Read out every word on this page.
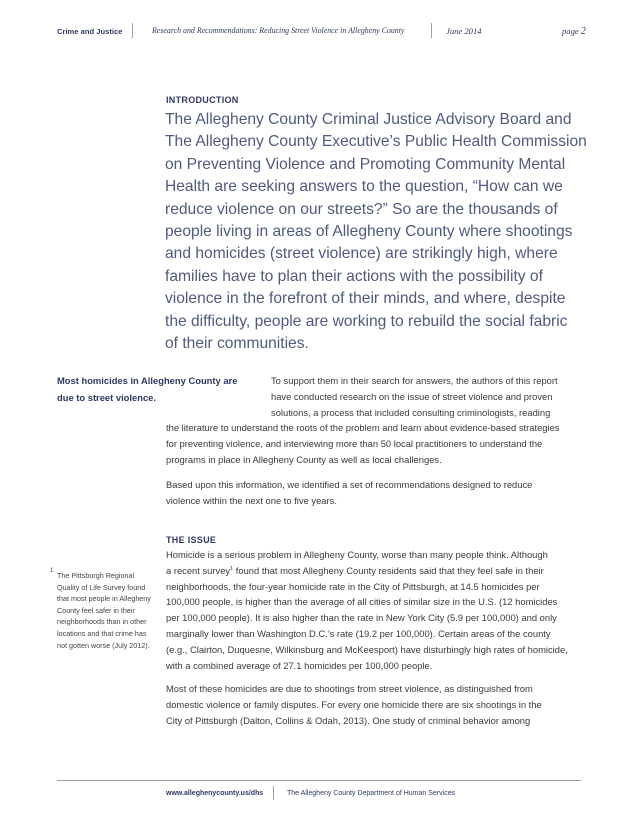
Crime and Justice	Research and Recommendations: Reducing Street Violence in Allegheny County	June 2014	page 2
INTRODUCTION
The Allegheny County Criminal Justice Advisory Board and
The Allegheny County Executive’s Public Health Commission
on Preventing Violence and Promoting Community Mental
Health are seeking answers to the question, “How can we
reduce violence on our streets?” So are the thousands of
people living in areas of Allegheny County where shootings
and homicides (street violence) are strikingly high, where
families have to plan their actions with the possibility of
violence in the forefront of their minds, and where, despite
the difficulty, people are working to rebuild the social fabric
of their communities.
Most homicides in Allegheny County are
due to street violence.
To support them in their search for answers, the authors of this report
have conducted research on the issue of street violence and proven
solutions, a process that included consulting criminologists, reading
the literature to understand the roots of the problem and learn about evidence-based strategies
for preventing violence, and interviewing more than 50 local practitioners to understand the
programs in place in Allegheny County as well as local challenges.
Based upon this information, we identified a set of recommendations designed to reduce
violence within the next one to five years.
THE ISSUE
Homicide is a serious problem in Allegheny County, worse than many people think. Although
a recent survey$^1$ found that most Allegheny County residents said that they feel safe in their
neighborhoods, the four-year homicide rate in the City of Pittsburgh, at 14.5 homicides per
100,000 people, is higher than the average of all cities of similar size in the U.S. (12 homicides
per 100,000 people). It is also higher than the rate in New York City (5.9 per 100,000) and only
marginally lower than Washington D.C.’s rate (19.2 per 100,000). Certain areas of the county
(e.g., Clairton, Duquesne, Wilkinsburg and McKeesport) have disturbingly high rates of homicide,
with a combined average of 27.1 homicides per 100,000 people.
Most of these homicides are due to shootings from street violence, as distinguished from
domestic violence or family disputes. For every one homicide there are six shootings in the
City of Pittsburgh (Dalton, Collins & Odah, 2013). One study of criminal behavior among
1 The Pittsburgh Regional
Quality of Life Survey found
that most people in Allegheny
County feel safer in their
neighborhoods than in other
locations and that crime has
not gotten worse (July 2012).
www.alleghenycounty.us/dhs	The Allegheny County Department of Human Services
